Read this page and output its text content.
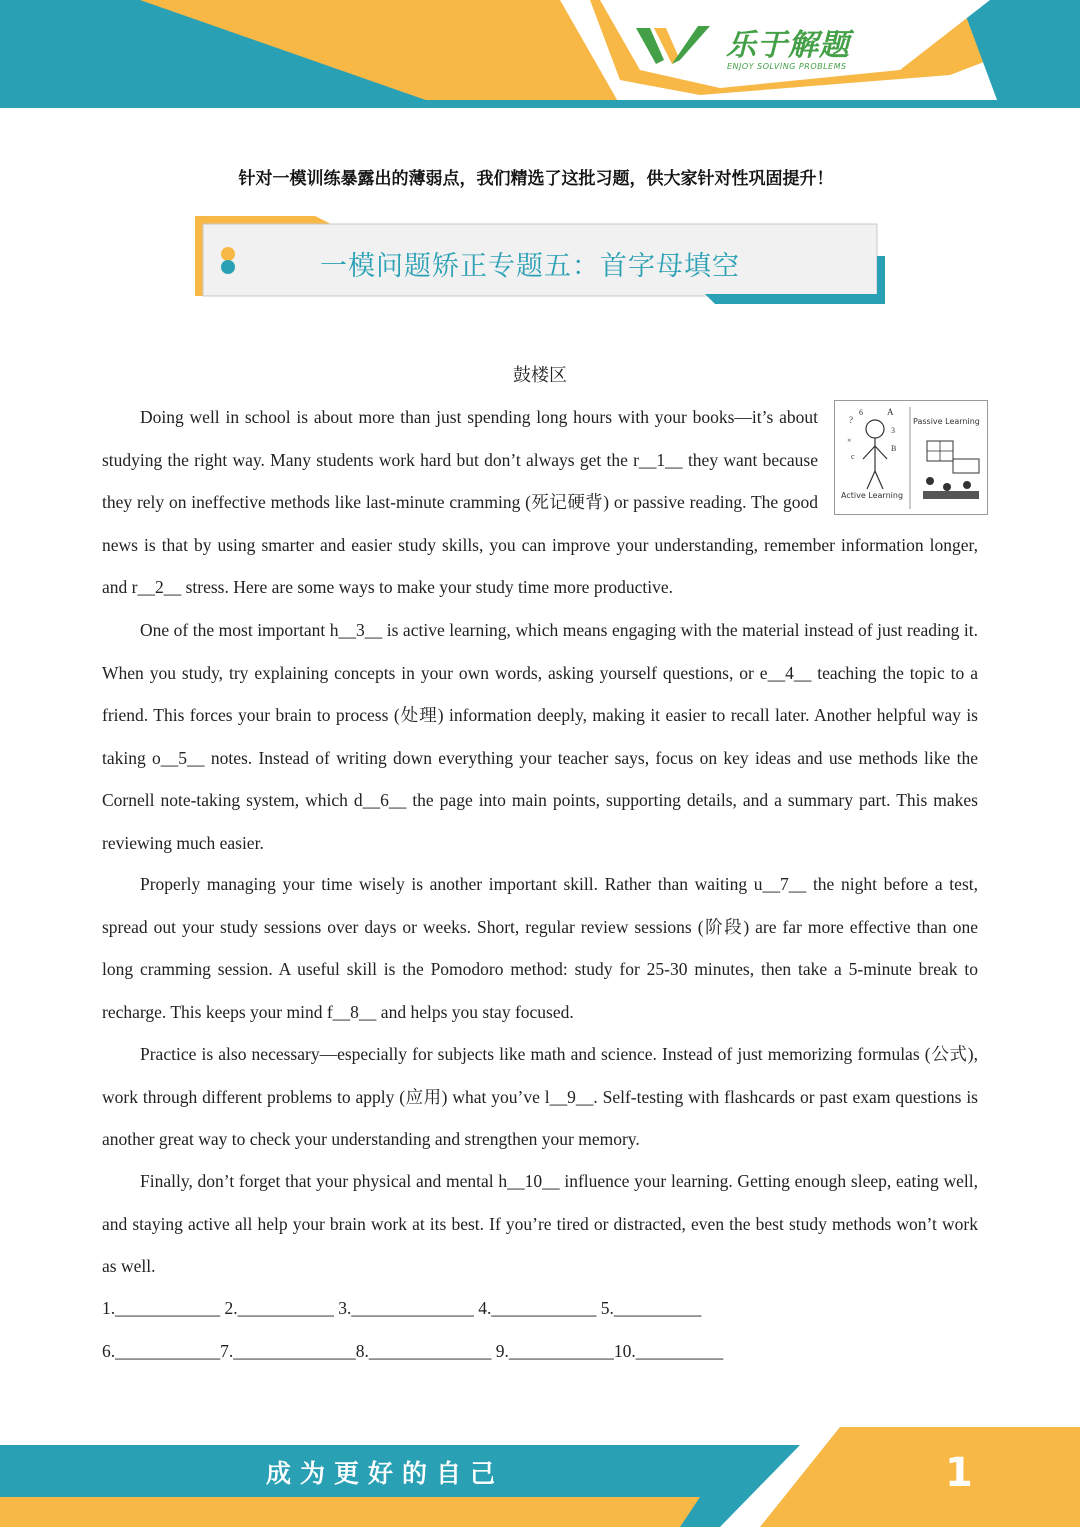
乐于解题
ENJOY SOLVING PROBLEMS
针对一模训练暴露出的薄弱点，我们精选了这批习题，供大家针对性巩固提升！
一模问题矫正专题五：首字母填空
鼓楼区
?
6	A
3
×
B
c
Passive Learning
Active Learning

Doing well in school is about more than just spending long hours with your books—it’s about studying the right way. Many students work hard but don’t always get the r__1__ they want because they rely on ineffective methods like last-minute cramming (死记硬背) or passive reading. The good news is that by using smarter and easier study skills, you can improve your understanding, remember information longer, and r__2__ stress. Here are some ways to make your study time more productive.

One of the most important h__3__ is active learning, which means engaging with the material instead of just reading it. When you study, try explaining concepts in your own words, asking yourself questions, or e__4__ teaching the topic to a friend. This forces your brain to process (处理) information deeply, making it easier to recall later. Another helpful way is taking o__5__ notes. Instead of writing down everything your teacher says, focus on key ideas and use methods like the Cornell note-taking system, which d__6__ the page into main points, supporting details, and a summary part. This makes reviewing much easier.

Properly managing your time wisely is another important skill. Rather than waiting u__7__ the night before a test, spread out your study sessions over days or weeks. Short, regular review sessions (阶段) are far more effective than one long cramming session. A useful skill is the Pomodoro method: study for 25-30 minutes, then take a 5-minute break to recharge. This keeps your mind f__8__ and helps you stay focused.

Practice is also necessary—especially for subjects like math and science. Instead of just memorizing formulas (公式), work through different problems to apply (应用) what you’ve l__9__. Self-testing with flashcards or past exam questions is another great way to check your understanding and strengthen your memory.

Finally, don’t forget that your physical and mental h__10__ influence your learning. Getting enough sleep, eating well, and staying active all help your brain work at its best. If you’re tired or distracted, even the best study methods won’t work as well.

1.____________ 2.___________ 3.______________ 4.____________ 5.__________
6.____________7.______________8.______________ 9.____________10.__________
成为更好的自己	1
